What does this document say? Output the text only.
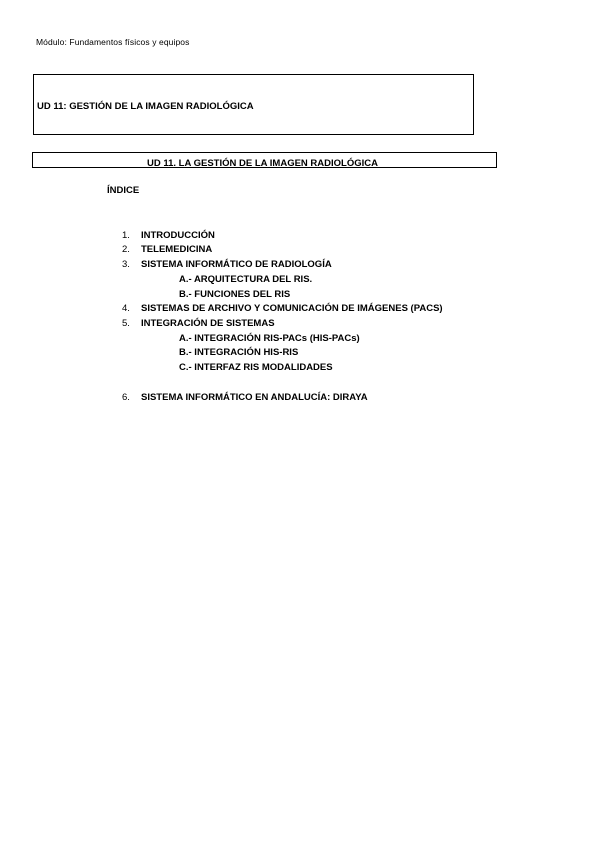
Módulo: Fundamentos físicos y equipos
UD 11: GESTIÓN DE LA IMAGEN RADIOLÓGICA
UD 11. LA GESTIÓN DE LA IMAGEN RADIOLÓGICA
ÍNDICE
1. INTRODUCCIÓN
2. TELEMEDICINA
3. SISTEMA INFORMÁTICO DE RADIOLOGÍA
A.- ARQUITECTURA DEL RIS.
B.- FUNCIONES DEL RIS
4. SISTEMAS DE ARCHIVO Y COMUNICACIÓN DE IMÁGENES (PACS)
5. INTEGRACIÓN DE SISTEMAS
A.- INTEGRACIÓN RIS-PACs (HIS-PACs)
B.- INTEGRACIÓN HIS-RIS
C.- INTERFAZ RIS MODALIDADES
6. SISTEMA INFORMÁTICO EN ANDALUCÍA: DIRAYA
